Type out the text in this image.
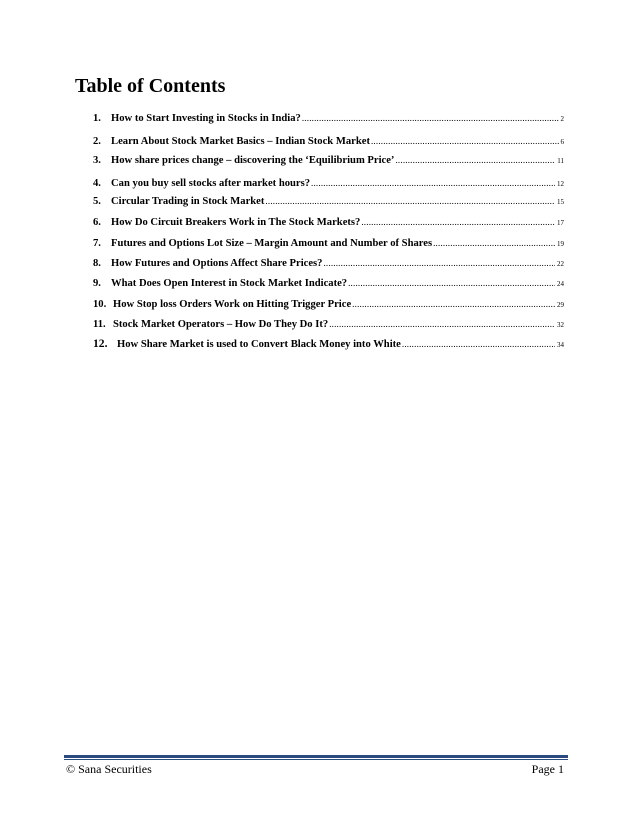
Table of Contents
1. How to Start Investing in Stocks in India? .....	2
2. Learn About Stock Market Basics – Indian Stock Market .....	6
3. How share prices change – discovering the ‘Equilibrium Price’ .....	11
4. Can you buy sell stocks after market hours? .....	12
5. Circular Trading in Stock Market .....	15
6. How Do Circuit Breakers Work in The Stock Markets? .....	17
7. Futures and Options Lot Size – Margin Amount and Number of Shares .....	19
8. How Futures and Options Affect Share Prices? .....	22
9. What Does Open Interest in Stock Market Indicate? .....	24
10. How Stop loss Orders Work on Hitting Trigger Price .....	29
11. Stock Market Operators – How Do They Do It? .....	32
12. How Share Market is used to Convert Black Money into White .....	34
© Sana Securities	Page 1
